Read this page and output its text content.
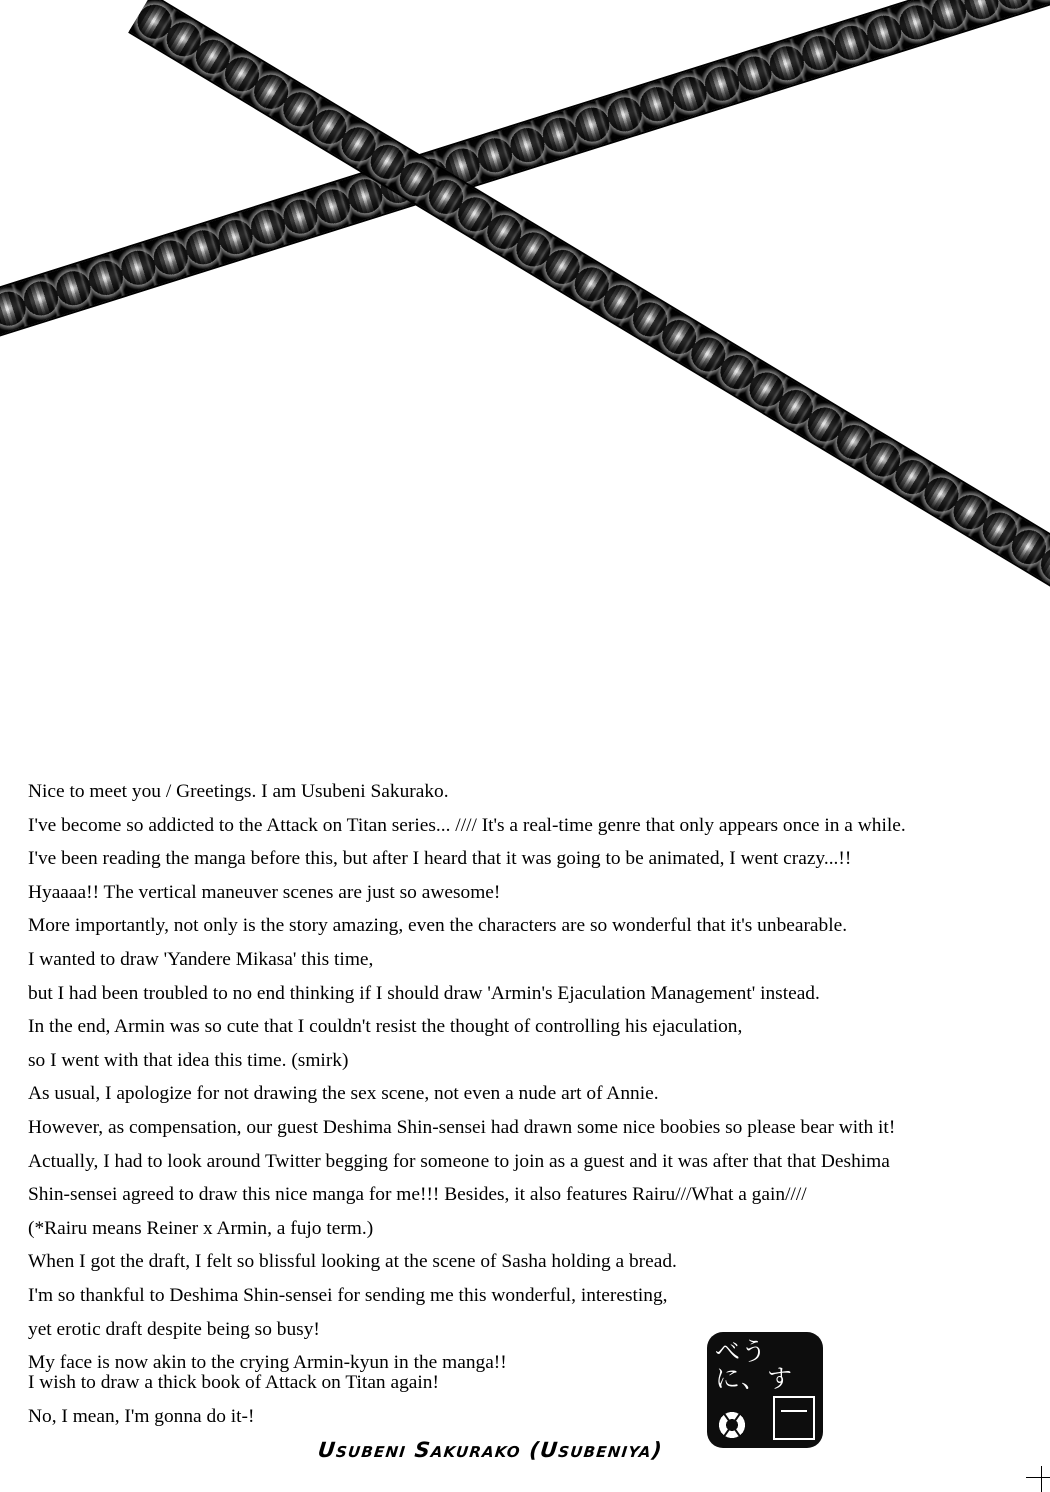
Nice to meet you / Greetings. I am Usubeni Sakurako.

I've become so addicted to the Attack on Titan series... //// It's a real-time genre that only appears once in a while.

I've been reading the manga before this, but after I heard that it was going to be animated, I went crazy...!!

Hyaaaa!! The vertical maneuver scenes are just so awesome!

More importantly, not only is the story amazing, even the characters are so wonderful that it's unbearable.

I wanted to draw 'Yandere Mikasa' this time,

but I had been troubled to no end thinking if I should draw 'Armin's Ejaculation Management' instead.

In the end, Armin was so cute that I couldn't resist the thought of controlling his ejaculation,

so I went with that idea this time. (smirk)

As usual, I apologize for not drawing the sex scene, not even a nude art of Annie.

However, as compensation, our guest Deshima Shin-sensei had drawn some nice boobies so please bear with it!

Actually, I had to look around Twitter begging for someone to join as a guest and it was after that that Deshima

Shin-sensei agreed to draw this nice manga for me!!! Besides, it also features Rairu///What a gain////

(*Rairu means Reiner x Armin, a fujo term.)

When I got the draft, I felt so blissful looking at the scene of Sasha holding a bread.

I'm so thankful to Deshima Shin-sensei for sending me this wonderful, interesting,

yet erotic draft despite being so busy!

My face is now akin to the crying Armin-kyun in the manga!!

I wish to draw a thick book of Attack on Titan again!

No, I mean, I'm gonna do it-!

Usubeni Sakurako (Usubeniya)
べう
に、す
